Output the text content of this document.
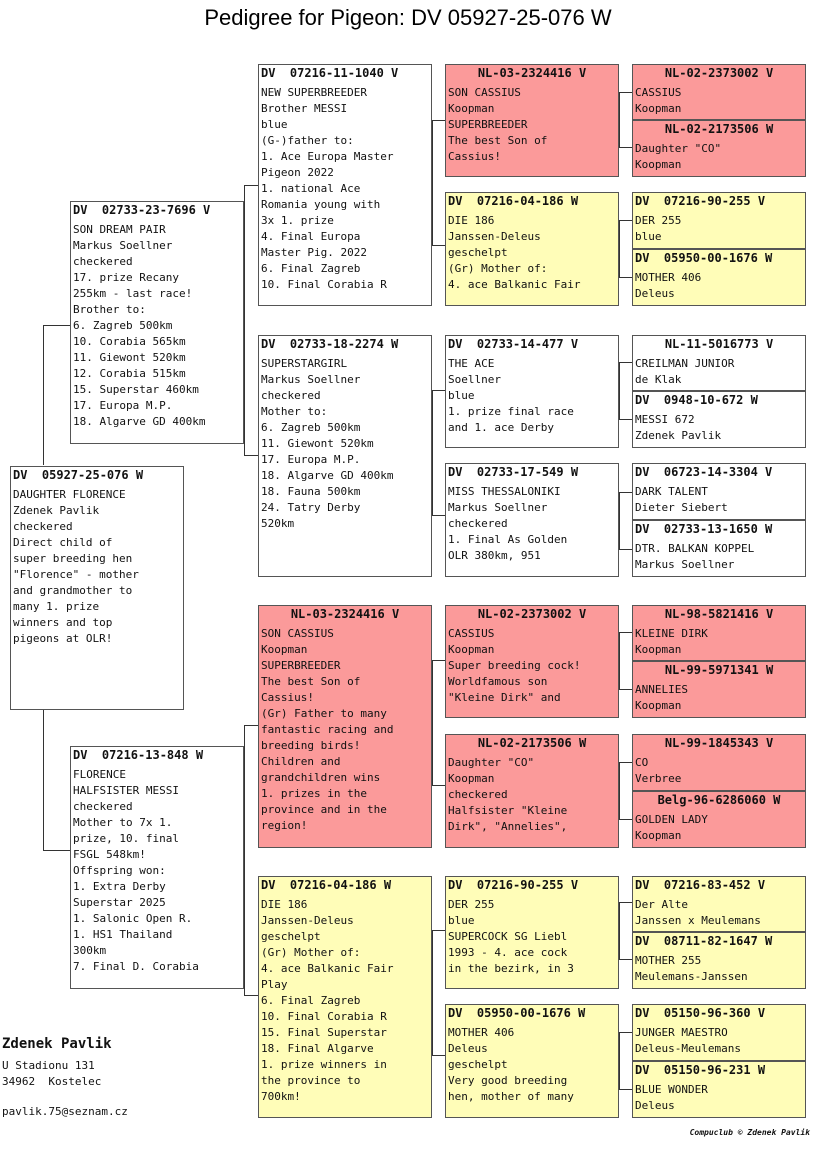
Pedigree for Pigeon: DV 05927-25-076 W
DV  05927-25-076 W
DAUGHTER FLORENCE
Zdenek Pavlik
checkered
Direct child of
super breeding hen
"Florence" - mother
and grandmother to
many 1. prize
winners and top
pigeons at OLR!
DV  02733-23-7696 V
SON DREAM PAIR
Markus Soellner
checkered
17. prize Recany
255km - last race!
Brother to:
6. Zagreb 500km
10. Corabia 565km
11. Giewont 520km
12. Corabia 515km
15. Superstar 460km
17. Europa M.P.
18. Algarve GD 400km
DV  07216-13-848 W
FLORENCE
HALFSISTER MESSI
checkered
Mother to 7x 1.
prize, 10. final
FSGL 548km!
Offspring won:
1. Extra Derby
Superstar 2025
1. Salonic Open R.
1. HS1 Thailand
300km
7. Final D. Corabia
DV  07216-11-1040 V
NEW SUPERBREEDER
Brother MESSI
blue
(G-)father to:
1. Ace Europa Master
Pigeon 2022
1. national Ace
Romania young with
3x 1. prize
4. Final Europa
Master Pig. 2022
6. Final Zagreb
10. Final Corabia R
DV  02733-18-2274 W
SUPERSTARGIRL
Markus Soellner
checkered
Mother to:
6. Zagreb 500km
11. Giewont 520km
17. Europa M.P.
18. Algarve GD 400km
18. Fauna 500km
24. Tatry Derby
520km
NL-03-2324416 V
SON CASSIUS
Koopman
SUPERBREEDER
The best Son of
Cassius!
(Gr) Father to many
fantastic racing and
breeding birds!
Children and
grandchildren wins
1. prizes in the
province and in the
region!
DV  07216-04-186 W
DIE 186
Janssen-Deleus
geschelpt
(Gr) Mother of:
4. ace Balkanic Fair
Play
6. Final Zagreb
10. Final Corabia R
15. Final Superstar
18. Final Algarve
1. prize winners in
the province to
700km!
NL-03-2324416 V
SON CASSIUS
Koopman
SUPERBREEDER
The best Son of
Cassius!
DV  07216-04-186 W
DIE 186
Janssen-Deleus
geschelpt
(Gr) Mother of:
4. ace Balkanic Fair
DV  02733-14-477 V
THE ACE
Soellner
blue
1. prize final race
and 1. ace Derby
DV  02733-17-549 W
MISS THESSALONIKI
Markus Soellner
checkered
1. Final As Golden
OLR 380km, 951
NL-02-2373002 V
CASSIUS
Koopman
Super breeding cock!
Worldfamous son
"Kleine Dirk" and
NL-02-2173506 W
Daughter "CO"
Koopman
checkered
Halfsister "Kleine
Dirk", "Annelies",
DV  07216-90-255 V
DER 255
blue
SUPERCOCK SG Liebl
1993 - 4. ace cock
in the bezirk, in 3
DV  05950-00-1676 W
MOTHER 406
Deleus
geschelpt
Very good breeding
hen, mother of many
NL-02-2373002 V
CASSIUS
Koopman
NL-02-2173506 W
Daughter "CO"
Koopman
DV  07216-90-255 V
DER 255
blue
DV  05950-00-1676 W
MOTHER 406
Deleus
NL-11-5016773 V
CREILMAN JUNIOR
de Klak
DV  0948-10-672 W
MESSI 672
Zdenek Pavlik
DV  06723-14-3304 V
DARK TALENT
Dieter Siebert
DV  02733-13-1650 W
DTR. BALKAN KOPPEL
Markus Soellner
NL-98-5821416 V
KLEINE DIRK
Koopman
NL-99-5971341 W
ANNELIES
Koopman
NL-99-1845343 V
CO
Verbree
Belg-96-6286060 W
GOLDEN LADY
Koopman
DV  07216-83-452 V
Der Alte
Janssen x Meulemans
DV  08711-82-1647 W
MOTHER 255
Meulemans-Janssen
DV  05150-96-360 V
JUNGER MAESTRO
Deleus-Meulemans
DV  05150-96-231 W
BLUE WONDER
Deleus
Zdenek Pavlik
U Stadionu 131
34962  Kostelec
pavlik.75@seznam.cz
Compuclub © Zdenek Pavlik
